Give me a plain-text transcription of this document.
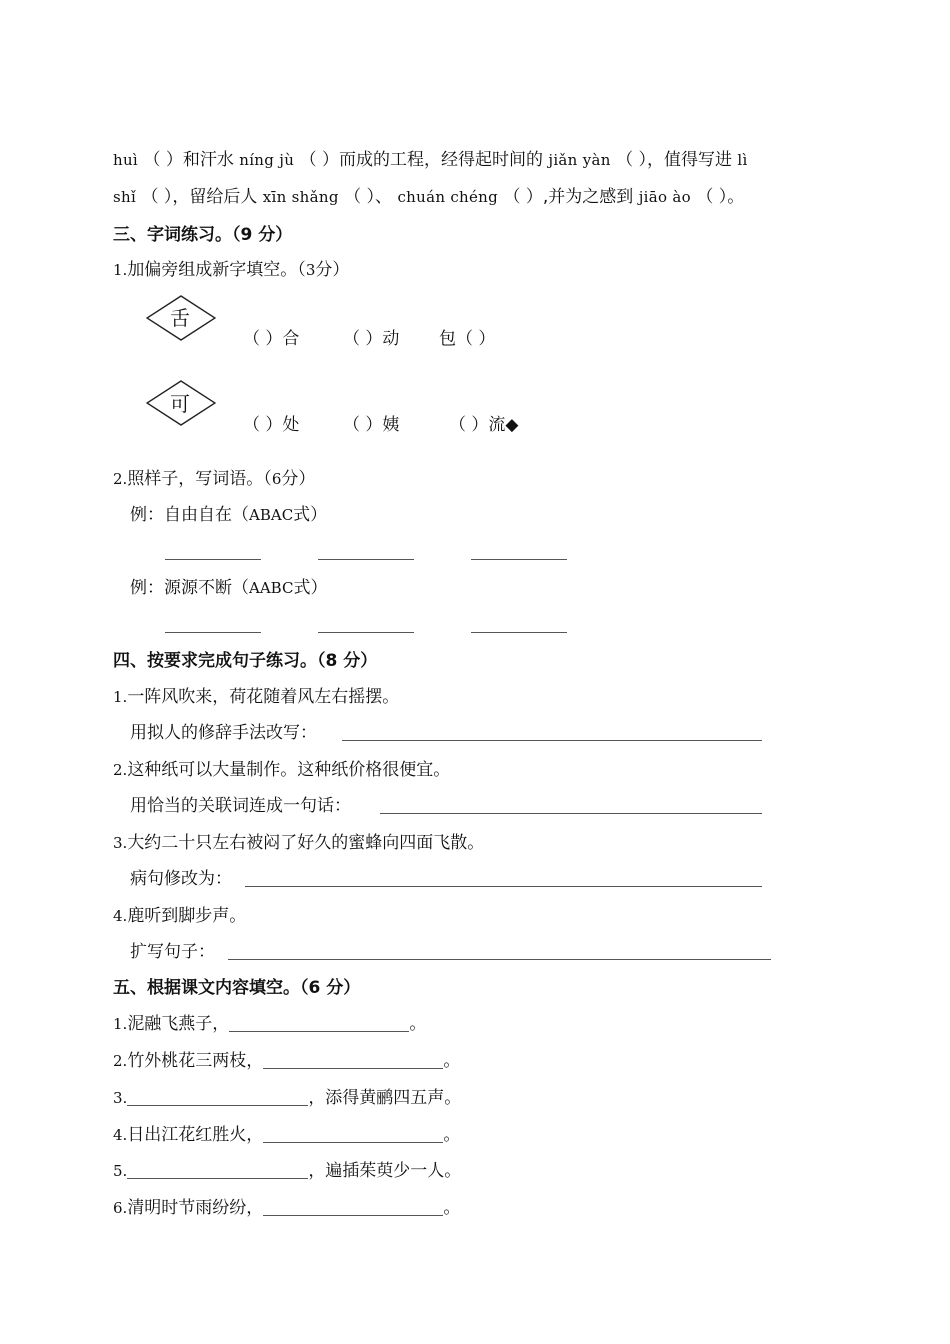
huì （ ）和汗水 níng jù （ ）而成的工程，经得起时间的 jiǎn yàn （ ），值得写进 lì
shǐ （ ），留给后人 xīn shǎng （ ）、 chuán chéng （ ）,并为之感到 jiāo ào （ ）。
三、字词练习。（9 分）
1.加偏旁组成新字填空。（3分）
舌
（ ）合	（ ）动 包（ ）
可
（ ）处	（ ）姨	（ ）流◆
2.照样子，写词语。（6分）
例：自由自在（ABAC式）
例：源源不断（AABC式）
四、按要求完成句子练习。（8 分）
1.一阵风吹来，荷花随着风左右摇摆。
用拟人的修辞手法改写：
2.这种纸可以大量制作。这种纸价格很便宜。
用恰当的关联词连成一句话：
3.大约二十只左右被闷了好久的蜜蜂向四面飞散。
病句修改为：
4.鹿听到脚步声。
扩写句子：
五、根据课文内容填空。（6 分）
1.泥融飞燕子，	。
2.竹外桃花三两枝，	。
3.	，添得黄鹂四五声。
4.日出江花红胜火，	。
5.	，遍插茱萸少一人。
6.清明时节雨纷纷，	。
